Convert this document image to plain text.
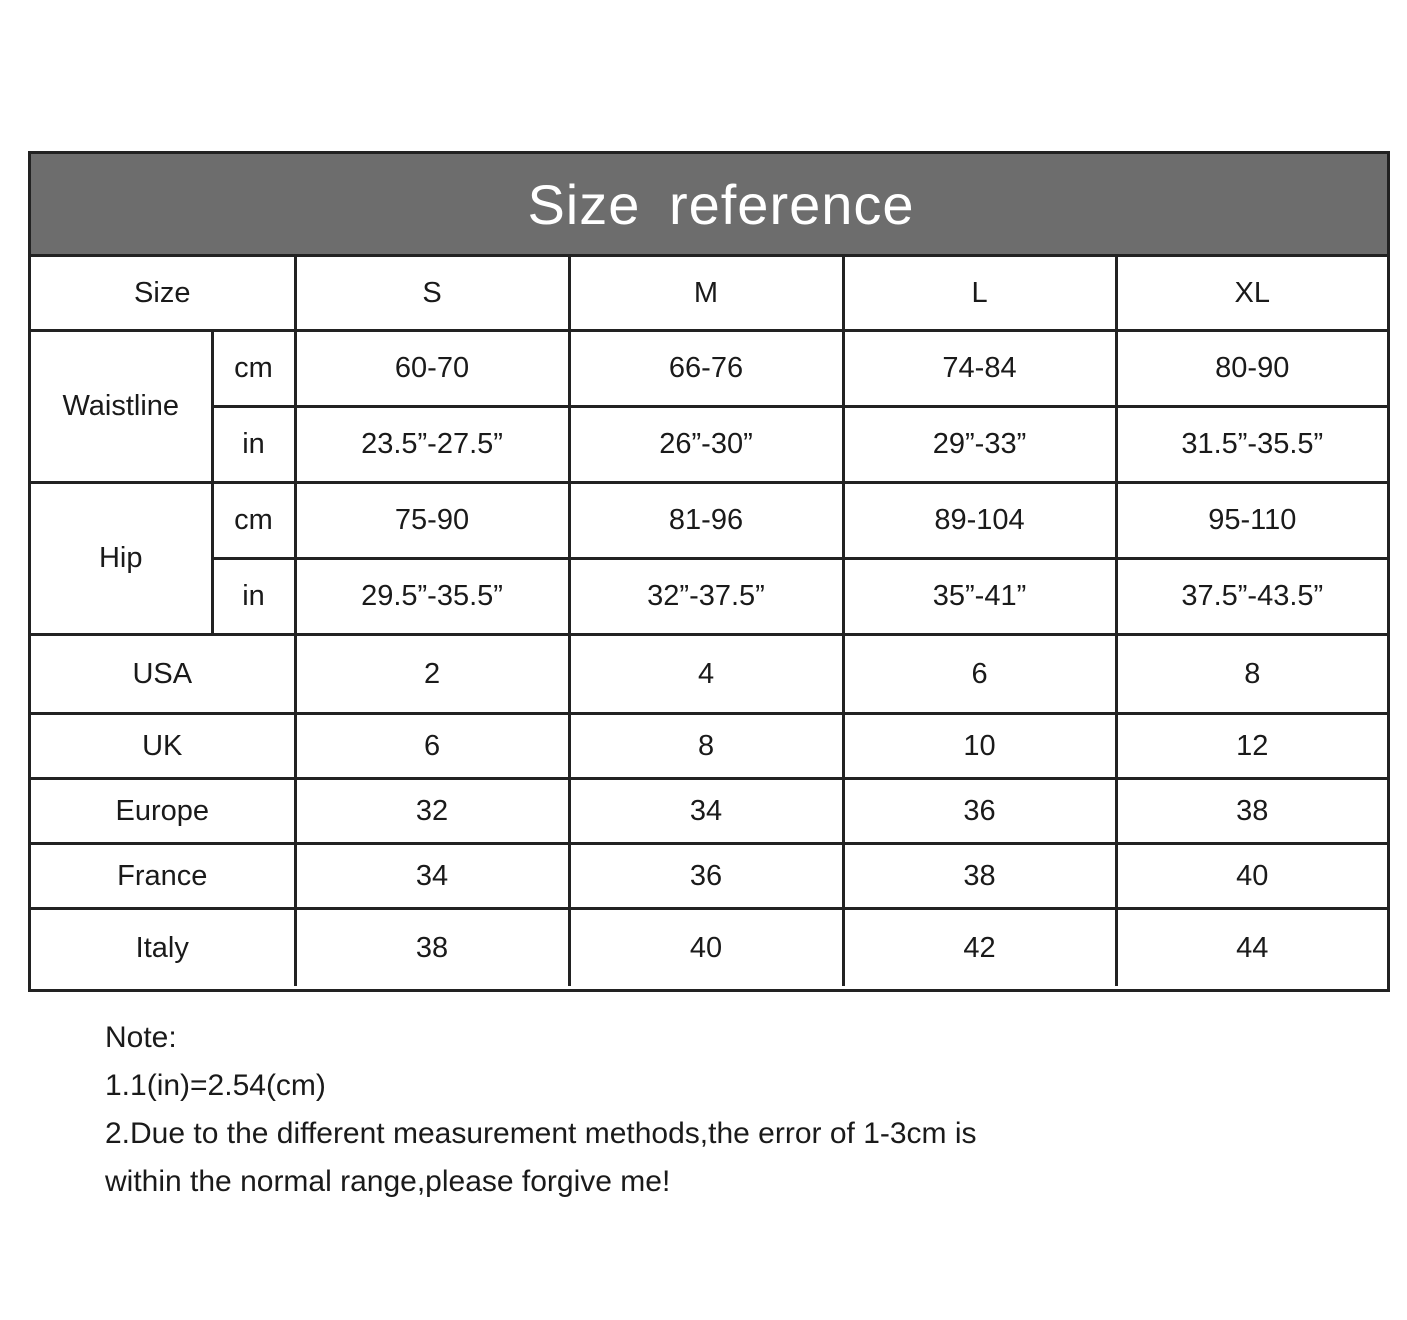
Size reference
Size		S	M	L	XL
Waistline	cm	60-70	66-76	74-84	80-90
	in	23.5”-27.5”	26”-30”	29”-33”	31.5”-35.5”
Hip	cm	75-90	81-96	89-104	95-110
	in	29.5”-35.5”	32”-37.5”	35”-41”	37.5”-43.5”
USA		2	4	6	8
UK		6	8	10	12
Europe		32	34	36	38
France		34	36	38	40
Italy		38	40	42	44
Note:
1.1(in)=2.54(cm)
2.Due to the different measurement methods,the error of 1-3cm is
within the normal range,please forgive me!
